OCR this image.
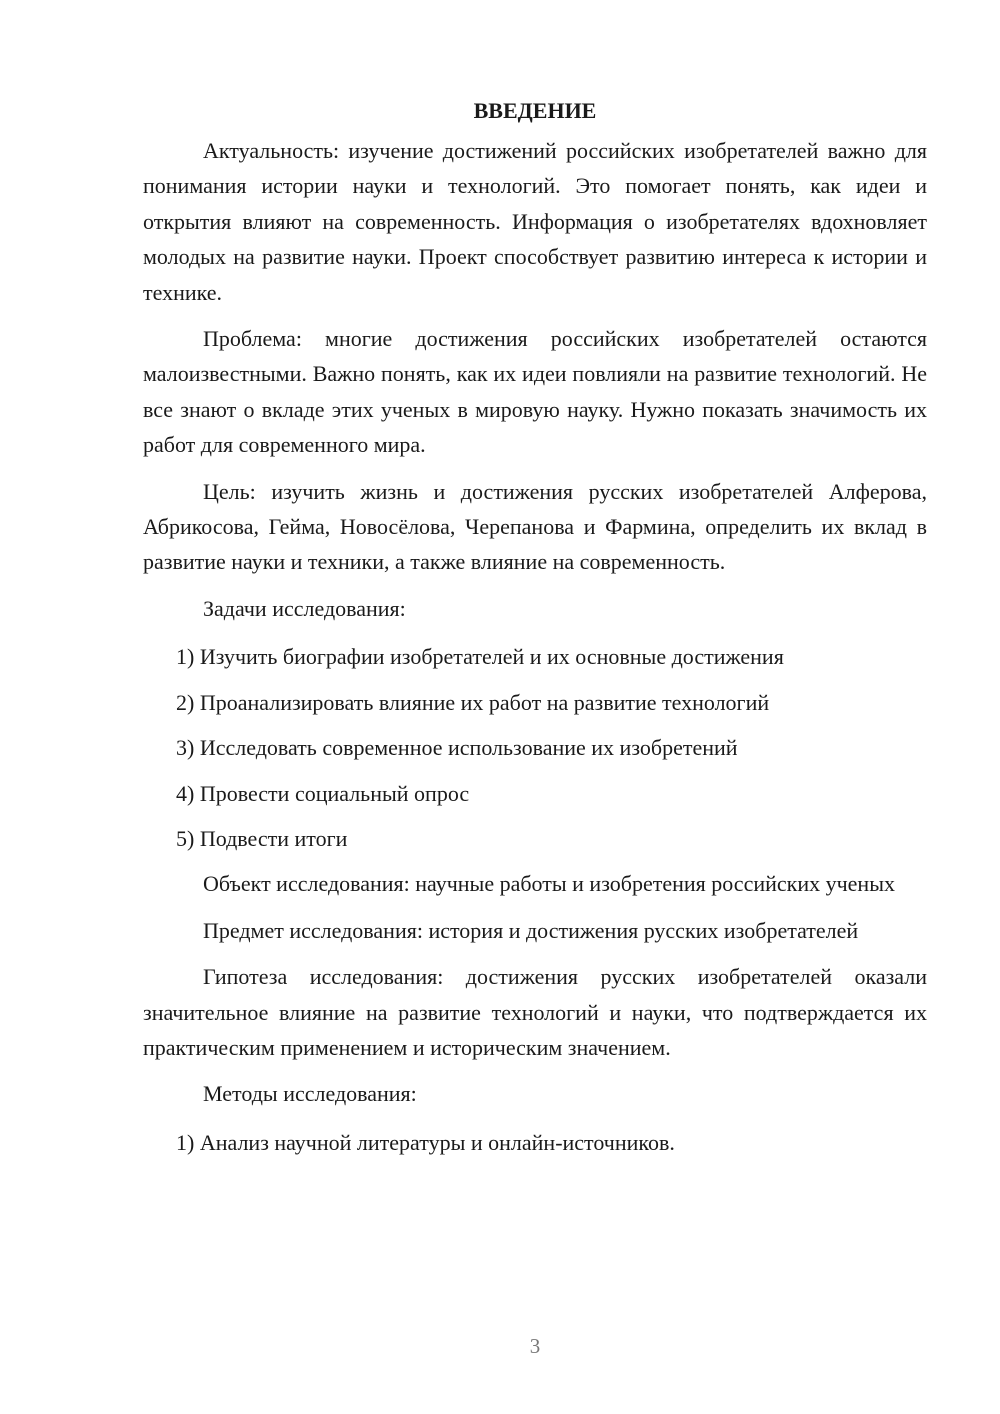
ВВЕДЕНИЕ

Актуальность: изучение достижений российских изобретателей важно для понимания истории науки и технологий. Это помогает понять, как идеи и открытия влияют на современность. Информация о изобретателях вдохновляет молодых на развитие науки. Проект способствует развитию интереса к истории и технике.

Проблема: многие достижения российских изобретателей остаются малоизвестными. Важно понять, как их идеи повлияли на развитие технологий. Не все знают о вкладе этих ученых в мировую науку. Нужно показать значимость их работ для современного мира.

Цель: изучить жизнь и достижения русских изобретателей Алферова, Абрикосова, Гейма, Новосёлова, Черепанова и Фармина, определить их вклад в развитие науки и техники, а также влияние на современность.

Задачи исследования:

1) Изучить биографии изобретателей и их основные достижения
2) Проанализировать влияние их работ на развитие технологий
3) Исследовать современное использование их изобретений
4) Провести социальный опрос
5) Подвести итоги

Объект исследования: научные работы и изобретения российских ученых

Предмет исследования: история и достижения русских изобретателей

Гипотеза исследования: достижения русских изобретателей оказали значительное влияние на развитие технологий и науки, что подтверждается их практическим применением и историческим значением.

Методы исследования:

1) Анализ научной литературы и онлайн-источников.
3
